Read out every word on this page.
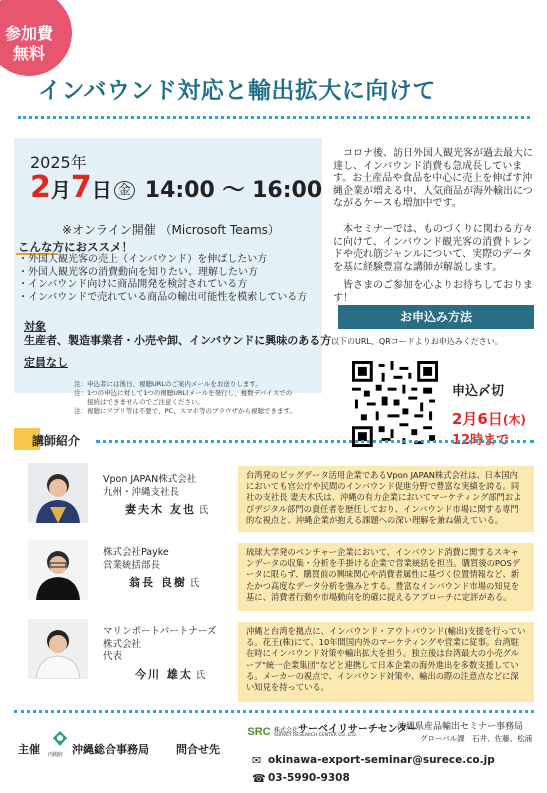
参加費
無料
インバウンド対応と輸出拡大に向けて
2025年
2月7日 金 14:00 〜 16:00
※オンライン開催 （Microsoft Teams）
こんな方におススメ！
・外国人観光客の売上（インバウンド）を伸ばしたい方
・外国人観光客の消費動向を知りたい、理解したい方
・インバウンド向けに商品開発を検討されている方
・インバウンドで売れている商品の輸出可能性を模索している方
対象
生産者、製造事業者・小売や卸、インバウンドに興味のある方
定員なし
注：申込者には後日、視聴URLのご案内メールをお送りします。
注：1つの申込に対して1つの視聴URL(メールを発行し、複数デバイスでの
　　接続はできませんのでご注意ください。
注：視聴にアプリ等は不要で、PC、スマホ等のブラウザから視聴できます。
コロナ後、訪日外国人観光客が過去最大に達し、インバウンド消費も急成長しています。お土産品や食品を中心に売上を伸ばす沖縄企業が増える中、人気商品が海外輸出につながるケースも増加中です。
本セミナーでは、ものづくりに関わる方々に向けて、インバウンド観光客の消費トレンドや売れ筋ジャンルについて、実際のデータを基に経験豊富な講師が解説します。
皆さまのご参加を心よりお待ちしております！
お申込み方法
以下のURL、QRコードよりお申込みください。
申込〆切
2月6日(木)
12時まで
講師紹介
Vpon JAPAN株式会社
九州・沖縄支社長
妻夫木 友也 氏
台湾発のビッグデータ活用企業であるVpon JAPAN株式会社は、日本国内においても官公庁や民間のインバウンド促進分野で豊富な実績を誇る。同社の支社長 妻夫木氏は、沖縄の有力企業においてマーケティング部門およびデジタル部門の責任者を歴任しており、インバウンド市場に関する専門的な視点と、沖縄企業が抱える課題への深い理解を兼ね備えている。
株式会社Payke
営業統括部長
翁長 良樹 氏
琉球大学発のベンチャー企業において、インバウンド消費に関するスキャンデータの収集・分析を手掛ける企業で営業統括を担当。購買後のPOSデータに限らず、購買前の興味関心や消費者属性に基づく位置情報など、新たかつ高度なデータ分析を強みとする。豊富なインバウンド市場の知見を基に、消費者行動や市場動向を的確に捉えるアプローチに定評がある。
マリンポートパートナーズ
株式会社
代表
今川 雄太 氏
沖縄と台湾を拠点に、インバウンド・アウトバウンド(輸出)支援を行っている。花王(株)にて、10年間国内外のマーケティングや営業に従事。台湾駐在時にインバウンド対策や輸出拡大を担う。独立後は台湾最大の小売グループ"統一企業集団"などと連携して日本企業の海外進出を多数支援している。メーカーの視点で、インバウンド対策や、輸出の際の注意点などに深い知見を持っている。
主催 内閣府 沖縄総合事務局 問合せ先
SRC 株式会社サーベイリサーチセンター
SURVEY RESEARCH CENTER CO.,LTD.
沖縄県産品輸出セミナー事務局
グローバル課　石井、佐藤、松浦
✉ okinawa-export-seminar@surece.co.jp
☎ 03-5990-9308
